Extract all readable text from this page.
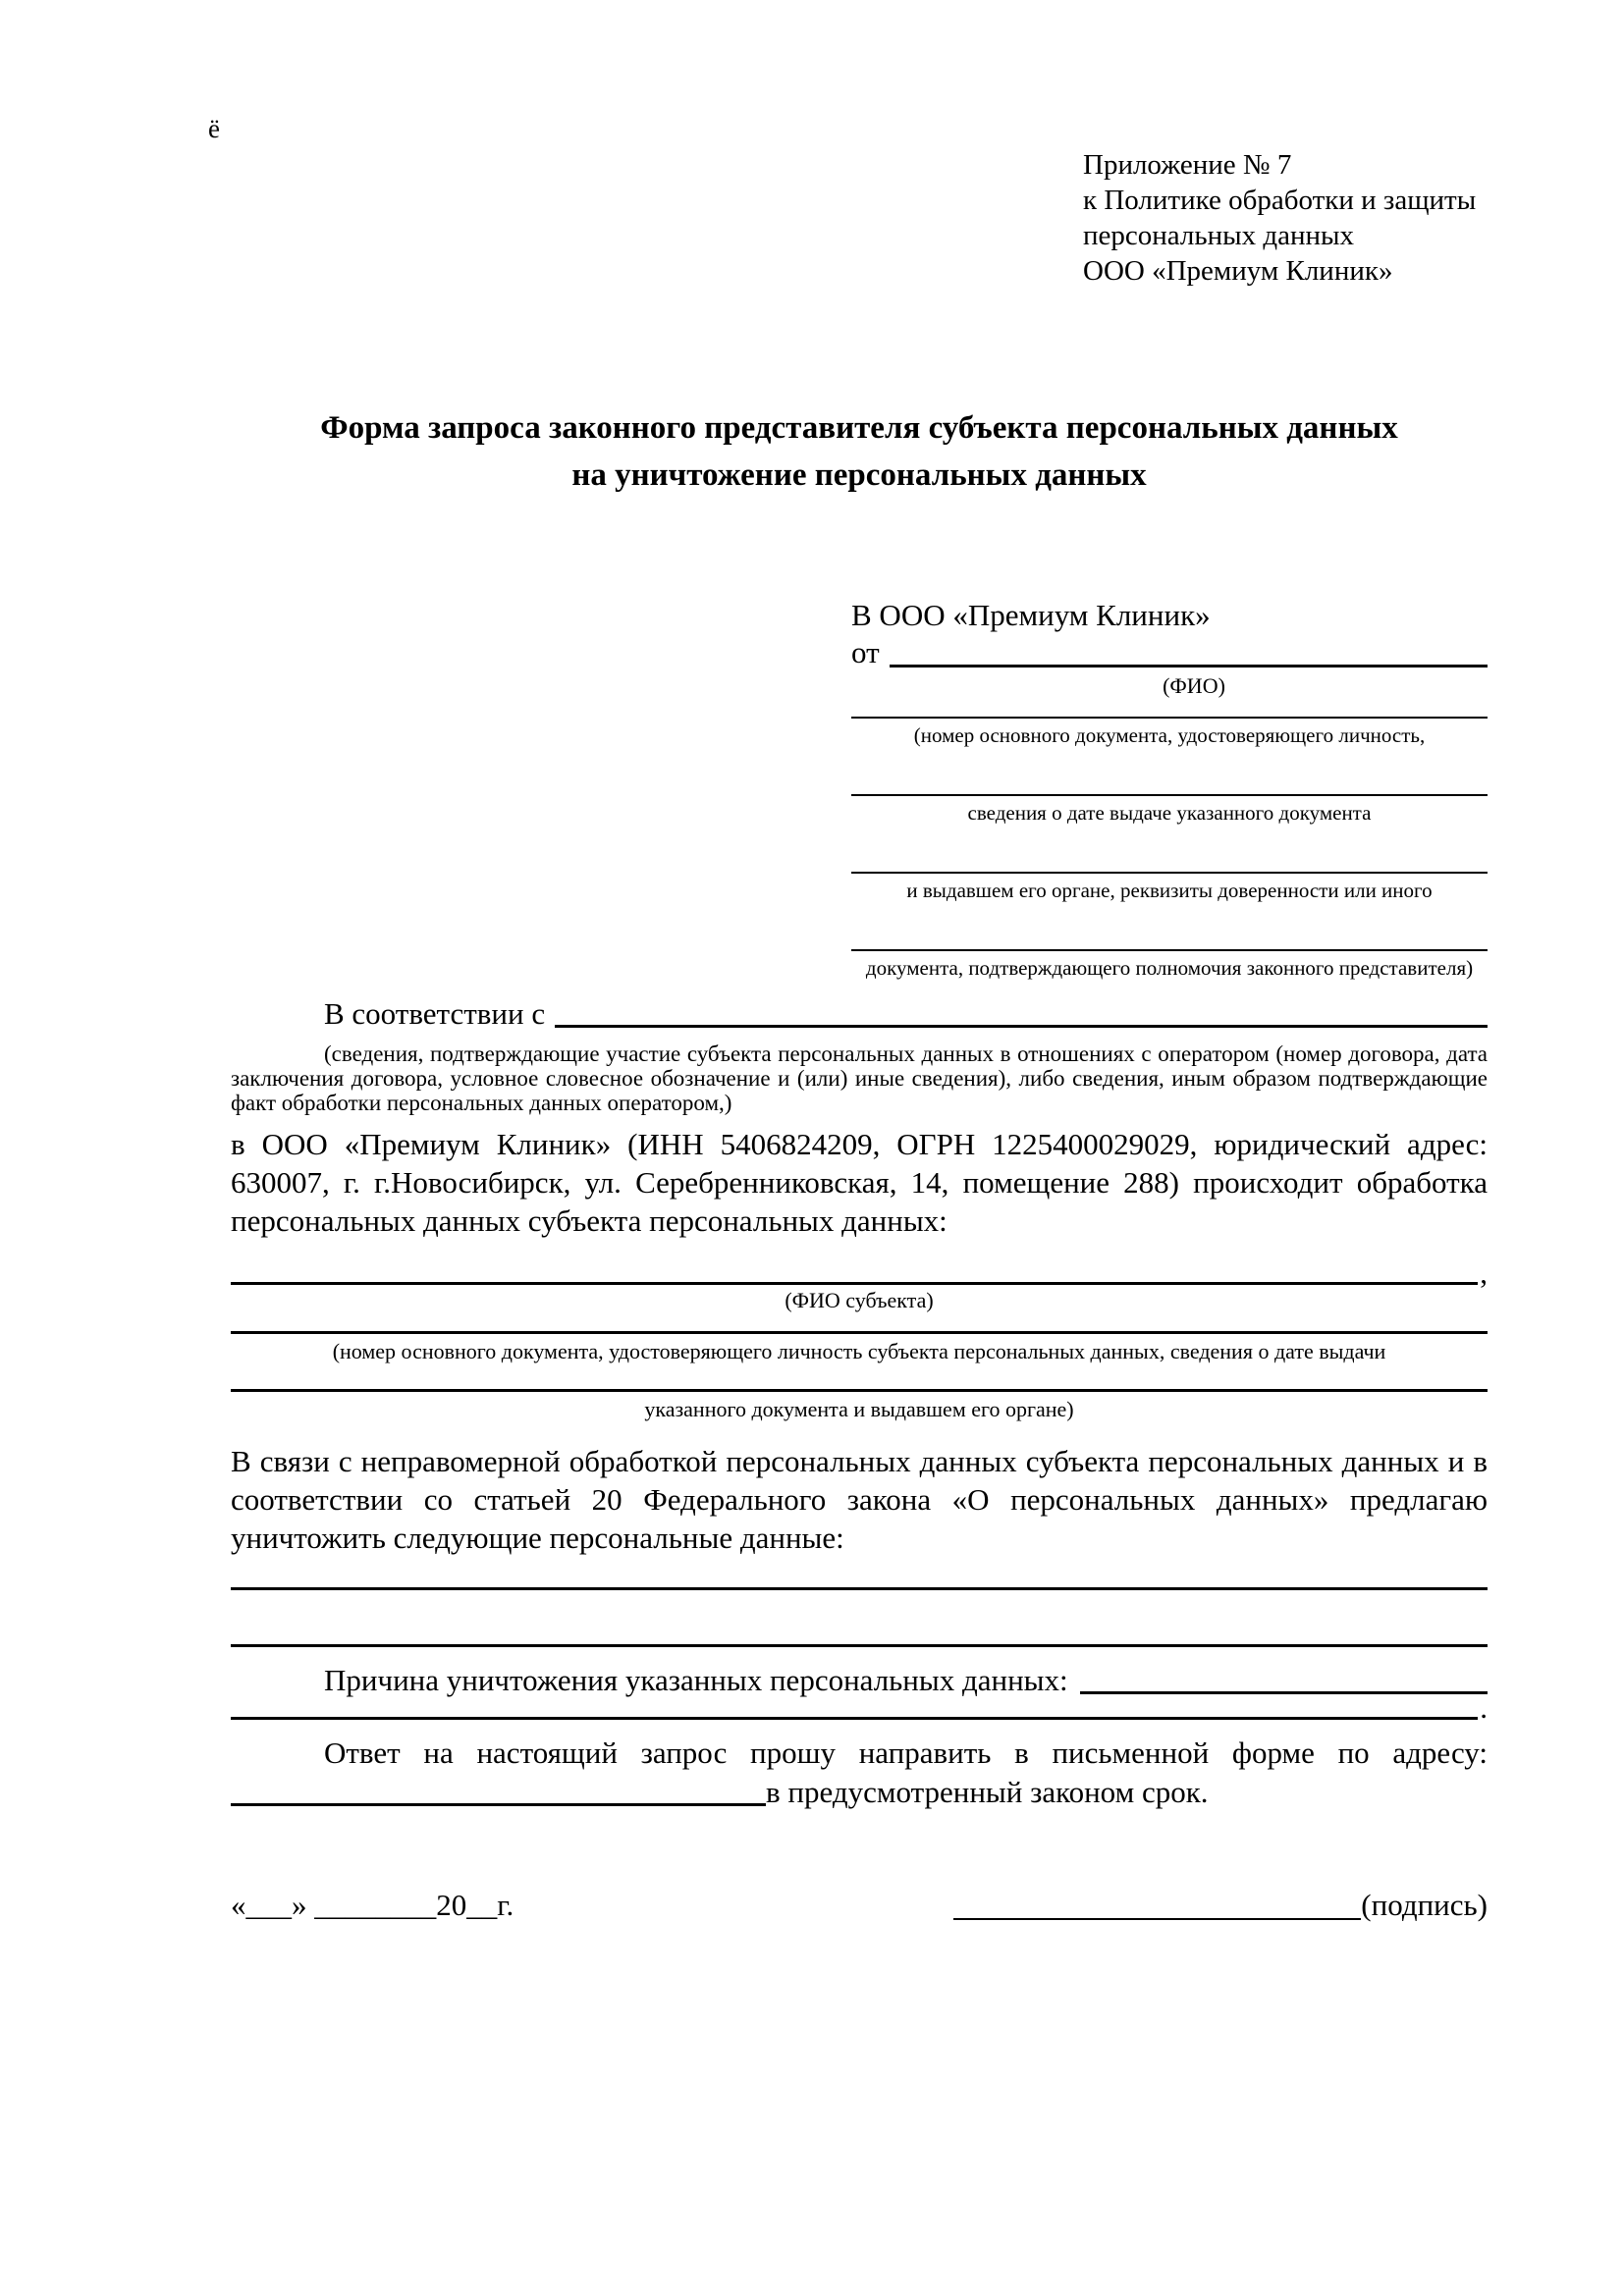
ё
Приложение № 7
к Политике обработки и защиты
персональных данных
ООО «Премиум Клиник»
Форма запроса законного представителя субъекта персональных данных
на уничтожение персональных данных
В ООО «Премиум Клиник»
от
(ФИО)
(номер основного документа, удостоверяющего личность,
сведения о дате выдаче указанного документа
и выдавшем его органе, реквизиты доверенности или иного
документа, подтверждающего полномочия законного представителя)
В соответствии с
(сведения, подтверждающие участие субъекта персональных данных в отношениях с оператором (номер договора, дата заключения договора, условное словесное обозначение и (или) иные сведения), либо сведения, иным образом подтверждающие факт обработки персональных данных оператором,)

в ООО «Премиум Клиник» (ИНН 5406824209, ОГРН 1225400029029, юридический адрес: 630007, г. г.Новосибирск, ул. Серебренниковская, 14, помещение 288) происходит обработка персональных данных субъекта персональных данных:

,
(ФИО субъекта)
(номер основного документа, удостоверяющего личность субъекта персональных данных, сведения о дате выдачи
указанного документа и выдавшем его органе)

В связи с неправомерной обработкой персональных данных субъекта персональных данных и в соответствии со статьей 20 Федерального закона «О персональных данных» предлагаю уничтожить следующие персональные данные:

Причина уничтожения указанных персональных данных:
.

Ответ на настоящий запрос прошу направить в письменной форме по адресу:

в предусмотренный законом срок.
«___» ________20__г.	(подпись)
